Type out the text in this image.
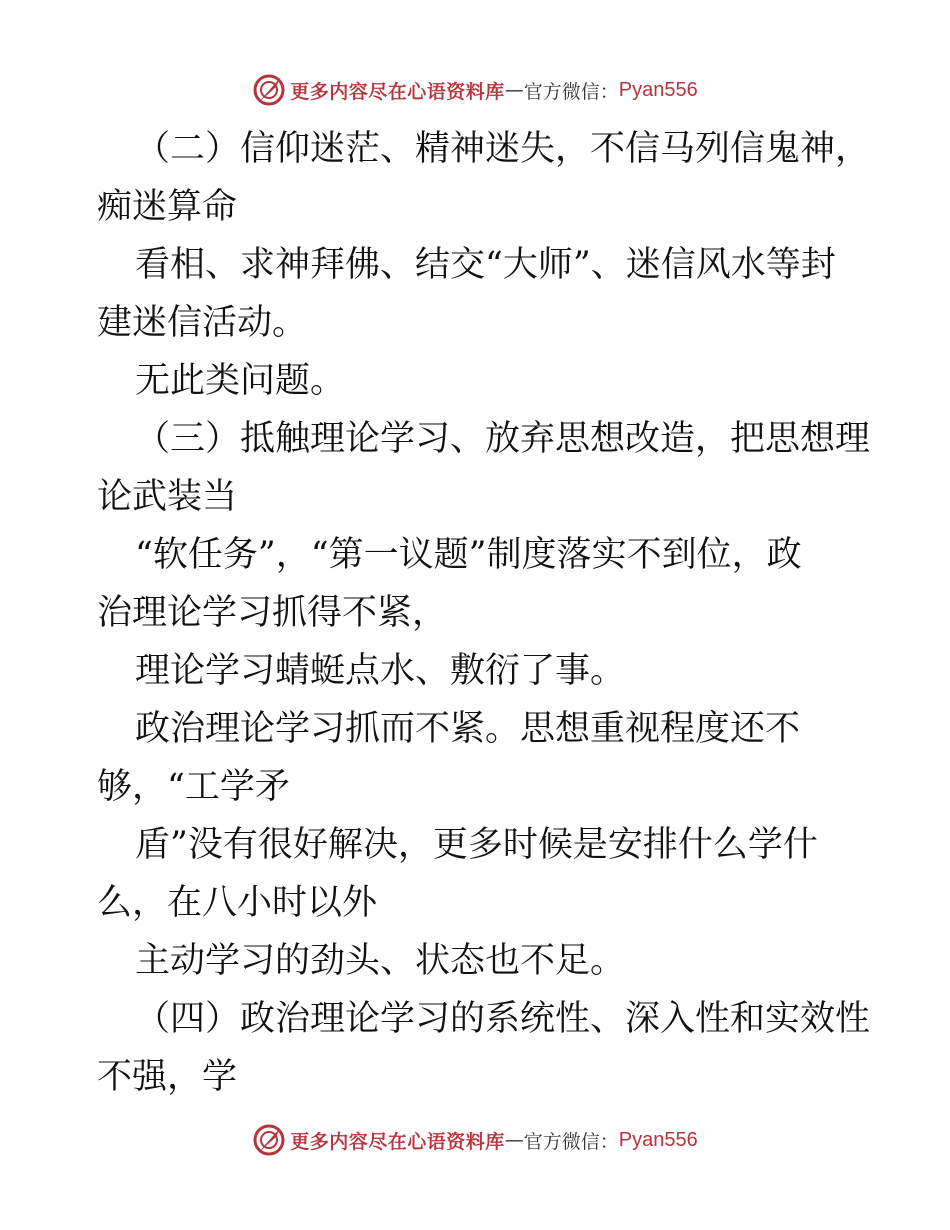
更多内容尽在心语资料库 — 官方微信： Pyan556
（二）信仰迷茫、精神迷失，不信马列信鬼神，
痴迷算命
看相、求神拜佛、结交“大师”、迷信风水等封
建迷信活动。
无此类问题。
（三）抵触理论学习、放弃思想改造，把思想理
论武装当
“软任务”，“第一议题”制度落实不到位，政
治理论学习抓得不紧，
理论学习蜻蜓点水、敷衍了事。
政治理论学习抓而不紧。思想重视程度还不
够，“工学矛
盾”没有很好解决，更多时候是安排什么学什
么，在八小时以外
主动学习的劲头、状态也不足。
（四）政治理论学习的系统性、深入性和实效性
不强，学
更多内容尽在心语资料库 — 官方微信： Pyan556
